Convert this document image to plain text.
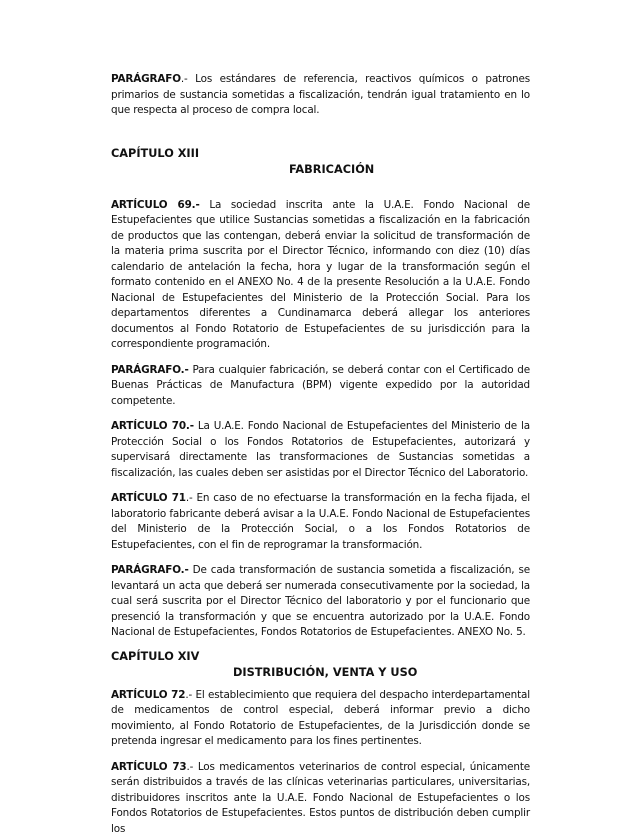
PARÁGRAFO.- Los estándares de referencia, reactivos químicos o patrones primarios de sustancia sometidas a fiscalización, tendrán igual tratamiento en lo que respecta al proceso de compra local.

CAPÍTULO XIII
FABRICACIÓN

ARTÍCULO 69.- La sociedad inscrita ante la U.A.E. Fondo Nacional de Estupefacientes que utilice Sustancias sometidas a fiscalización en la fabricación de productos que las contengan, deberá enviar la solicitud de transformación de la materia prima suscrita por el Director Técnico, informando con diez (10) días calendario de antelación la fecha, hora y lugar de la transformación según el formato contenido en el ANEXO No. 4 de la presente Resolución a la U.A.E. Fondo Nacional de Estupefacientes del Ministerio de la Protección Social. Para los departamentos diferentes a Cundinamarca deberá allegar los anteriores documentos al Fondo Rotatorio de Estupefacientes de su jurisdicción para la correspondiente programación.

PARÁGRAFO.- Para cualquier fabricación, se deberá contar con el Certificado de Buenas Prácticas de Manufactura (BPM) vigente expedido por la autoridad competente.

ARTÍCULO 70.- La U.A.E. Fondo Nacional de Estupefacientes del Ministerio de la Protección Social o los Fondos Rotatorios de Estupefacientes, autorizará y supervisará directamente las transformaciones de Sustancias sometidas a fiscalización, las cuales deben ser asistidas por el Director Técnico del Laboratorio.

ARTÍCULO 71.- En caso de no efectuarse la transformación en la fecha fijada, el laboratorio fabricante deberá avisar a la U.A.E. Fondo Nacional de Estupefacientes del Ministerio de la Protección Social, o a los Fondos Rotatorios de Estupefacientes, con el fin de reprogramar la transformación.

PARÁGRAFO.- De cada transformación de sustancia sometida a fiscalización, se levantará un acta que deberá ser numerada consecutivamente por la sociedad, la cual será suscrita por el Director Técnico del laboratorio y por el funcionario que presenció la transformación y que se encuentra autorizado por la U.A.E. Fondo Nacional de Estupefacientes, Fondos Rotatorios de Estupefacientes. ANEXO No. 5.

CAPÍTULO XIV
DISTRIBUCIÓN, VENTA Y USO

ARTÍCULO 72.- El establecimiento que requiera del despacho interdepartamental de medicamentos de control especial, deberá informar previo a dicho movimiento, al Fondo Rotatorio de Estupefacientes, de la Jurisdicción donde se pretenda ingresar el medicamento para los fines pertinentes.

ARTÍCULO 73.- Los medicamentos veterinarios de control especial, únicamente serán distribuidos a través de las clínicas veterinarias particulares, universitarias, distribuidores inscritos ante la U.A.E. Fondo Nacional de Estupefacientes o los Fondos Rotatorios de Estupefacientes. Estos puntos de distribución deben cumplir los
